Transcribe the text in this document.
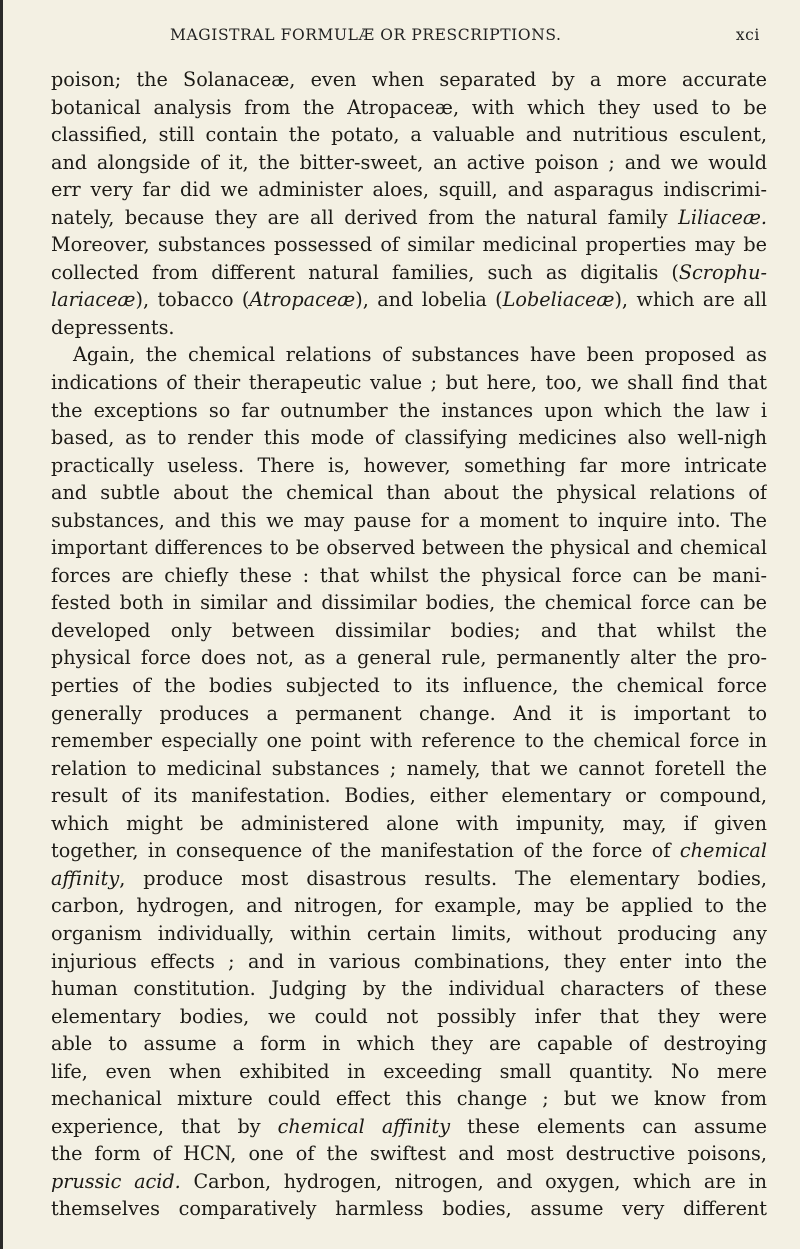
MAGISTRAL FORMULÆ OR PRESCRIPTIONS.	xci
poison; the Solanaceæ, even when separated by a more accurate
botanical analysis from the Atropaceæ, with which they used to be
classified, still contain the potato, a valuable and nutritious esculent,
and alongside of it, the bitter-sweet, an active poison ; and we would
err very far did we administer aloes, squill, and asparagus indiscrimi-
nately, because they are all derived from the natural family Liliaceæ.
Moreover, substances possessed of similar medicinal properties may be
collected from different natural families, such as digitalis (Scrophu-
lariaceæ), tobacco (Atropaceæ), and lobelia (Lobeliaceæ), which are all
depressents.
Again, the chemical relations of substances have been proposed as
indications of their therapeutic value ; but here, too, we shall find that
the exceptions so far outnumber the instances upon which the law i
based, as to render this mode of classifying medicines also well-nigh
practically useless. There is, however, something far more intricate
and subtle about the chemical than about the physical relations of
substances, and this we may pause for a moment to inquire into. The
important differences to be observed between the physical and chemical
forces are chiefly these : that whilst the physical force can be mani-
fested both in similar and dissimilar bodies, the chemical force can be
developed only between dissimilar bodies; and that whilst the
physical force does not, as a general rule, permanently alter the pro-
perties of the bodies subjected to its influence, the chemical force
generally produces a permanent change. And it is important to
remember especially one point with reference to the chemical force in
relation to medicinal substances ; namely, that we cannot foretell the
result of its manifestation. Bodies, either elementary or compound,
which might be administered alone with impunity, may, if given
together, in consequence of the manifestation of the force of chemical
affinity, produce most disastrous results. The elementary bodies,
carbon, hydrogen, and nitrogen, for example, may be applied to the
organism individually, within certain limits, without producing any
injurious effects ; and in various combinations, they enter into the
human constitution. Judging by the individual characters of these
elementary bodies, we could not possibly infer that they were
able to assume a form in which they are capable of destroying
life, even when exhibited in exceeding small quantity. No mere
mechanical mixture could effect this change ; but we know from
experience, that by chemical affinity these elements can assume
the form of HCN, one of the swiftest and most destructive poisons,
prussic acid. Carbon, hydrogen, nitrogen, and oxygen, which are in
themselves comparatively harmless bodies, assume very different
